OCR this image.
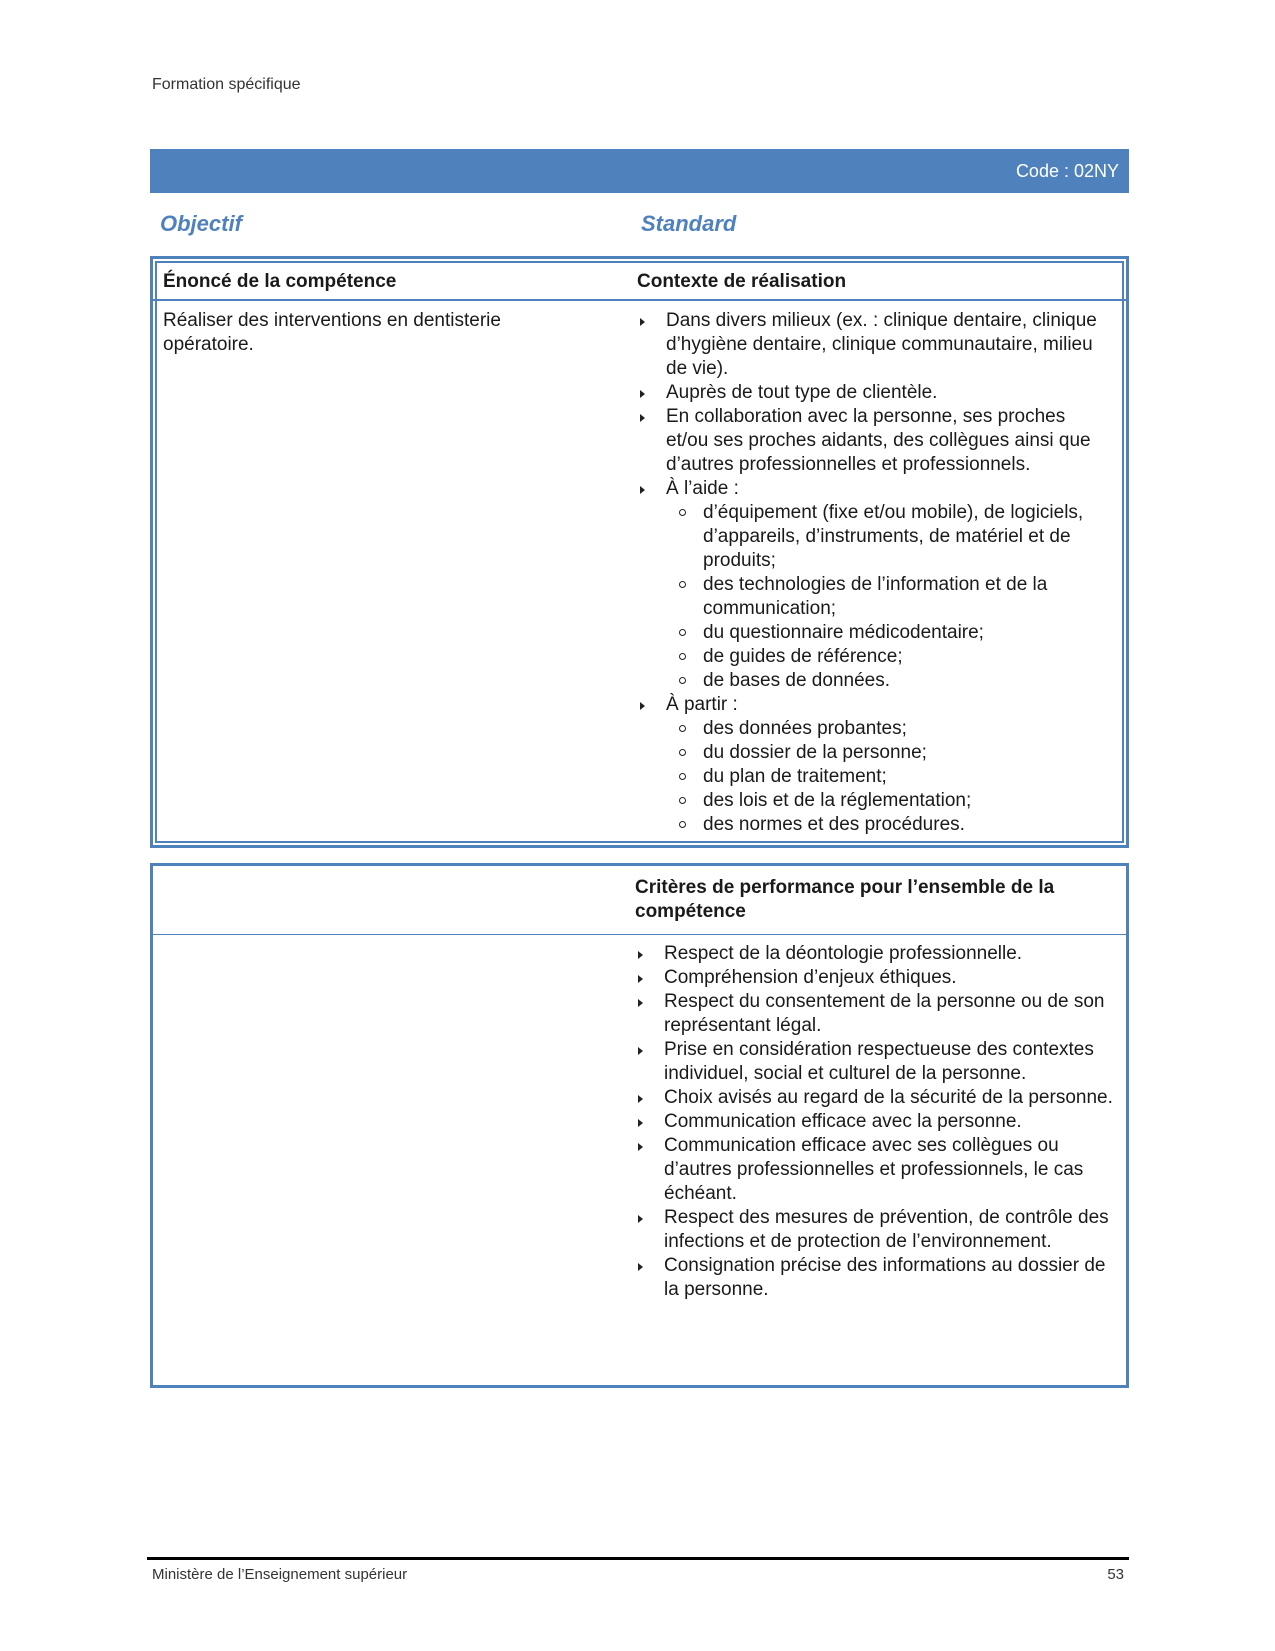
Formation spécifique
Code : 02NY
Objectif	Standard
Énoncé de la compétence	Contexte de réalisation
Réaliser des interventions en dentisterie opératoire.
Dans divers milieux (ex. : clinique dentaire, clinique d’hygiène dentaire, clinique communautaire, milieu de vie).
Auprès de tout type de clientèle.
En collaboration avec la personne, ses proches et/ou ses proches aidants, des collègues ainsi que d’autres professionnelles et professionnels.
À l’aide :
d’équipement (fixe et/ou mobile), de logiciels, d’appareils, d’instruments, de matériel et de produits;
des technologies de l’information et de la communication;
du questionnaire médicodentaire;
de guides de référence;
de bases de données.
À partir :
des données probantes;
du dossier de la personne;
du plan de traitement;
des lois et de la réglementation;
des normes et des procédures.
Critères de performance pour l’ensemble de la compétence
Respect de la déontologie professionnelle.
Compréhension d’enjeux éthiques.
Respect du consentement de la personne ou de son représentant légal.
Prise en considération respectueuse des contextes individuel, social et culturel de la personne.
Choix avisés au regard de la sécurité de la personne.
Communication efficace avec la personne.
Communication efficace avec ses collègues ou d’autres professionnelles et professionnels, le cas échéant.
Respect des mesures de prévention, de contrôle des infections et de protection de l’environnement.
Consignation précise des informations au dossier de la personne.
Ministère de l’Enseignement supérieur	53
